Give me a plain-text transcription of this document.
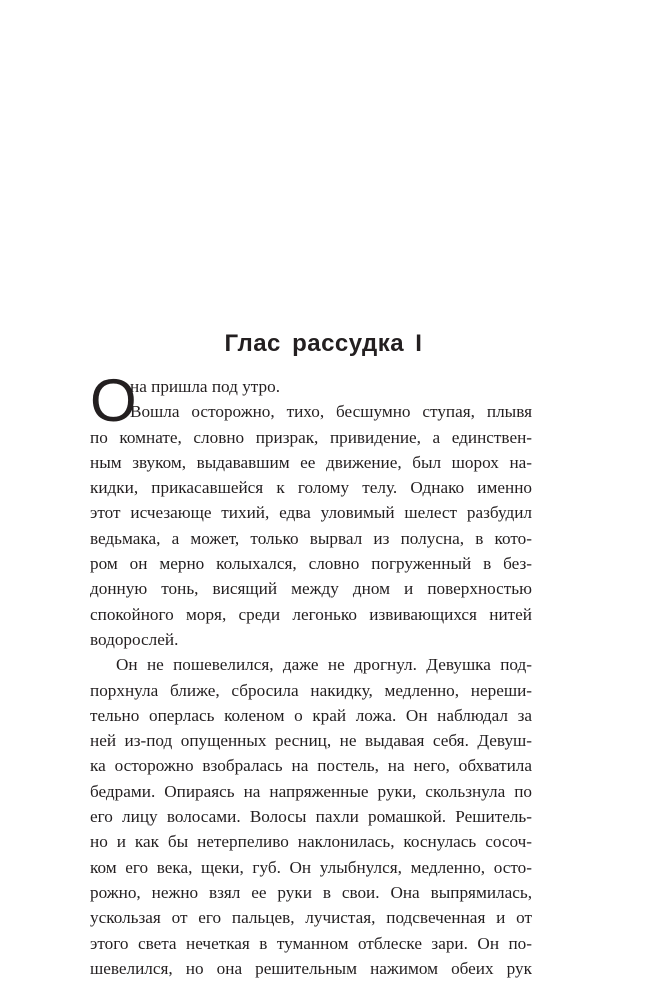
Глас рассудка I
О
на пришла под утро.
Вошла осторожно, тихо, бесшумно ступая, плывя
по комнате, словно призрак, привидение, а единствен-
ным звуком, выдававшим ее движение, был шорох на-
кидки, прикасавшейся к голому телу. Однако именно
этот исчезающе тихий, едва уловимый шелест разбудил
ведьмака, а может, только вырвал из полусна, в кото-
ром он мерно колыхался, словно погруженный в без-
донную тонь, висящий между дном и поверхностью
спокойного моря, среди легонько извивающихся нитей
водорослей.
Он не пошевелился, даже не дрогнул. Девушка под-
порхнула ближе, сбросила накидку, медленно, нереши-
тельно оперлась коленом о край ложа. Он наблюдал за
ней из-под опущенных ресниц, не выдавая себя. Девуш-
ка осторожно взобралась на постель, на него, обхватила
бедрами. Опираясь на напряженные руки, скользнула по
его лицу волосами. Волосы пахли ромашкой. Решитель-
но и как бы нетерпеливо наклонилась, коснулась сосоч-
ком его века, щеки, губ. Он улыбнулся, медленно, осто-
рожно, нежно взял ее руки в свои. Она выпрямилась,
ускользая от его пальцев, лучистая, подсвеченная и от
этого света нечеткая в туманном отблеске зари. Он по-
шевелился, но она решительным нажимом обеих рук
